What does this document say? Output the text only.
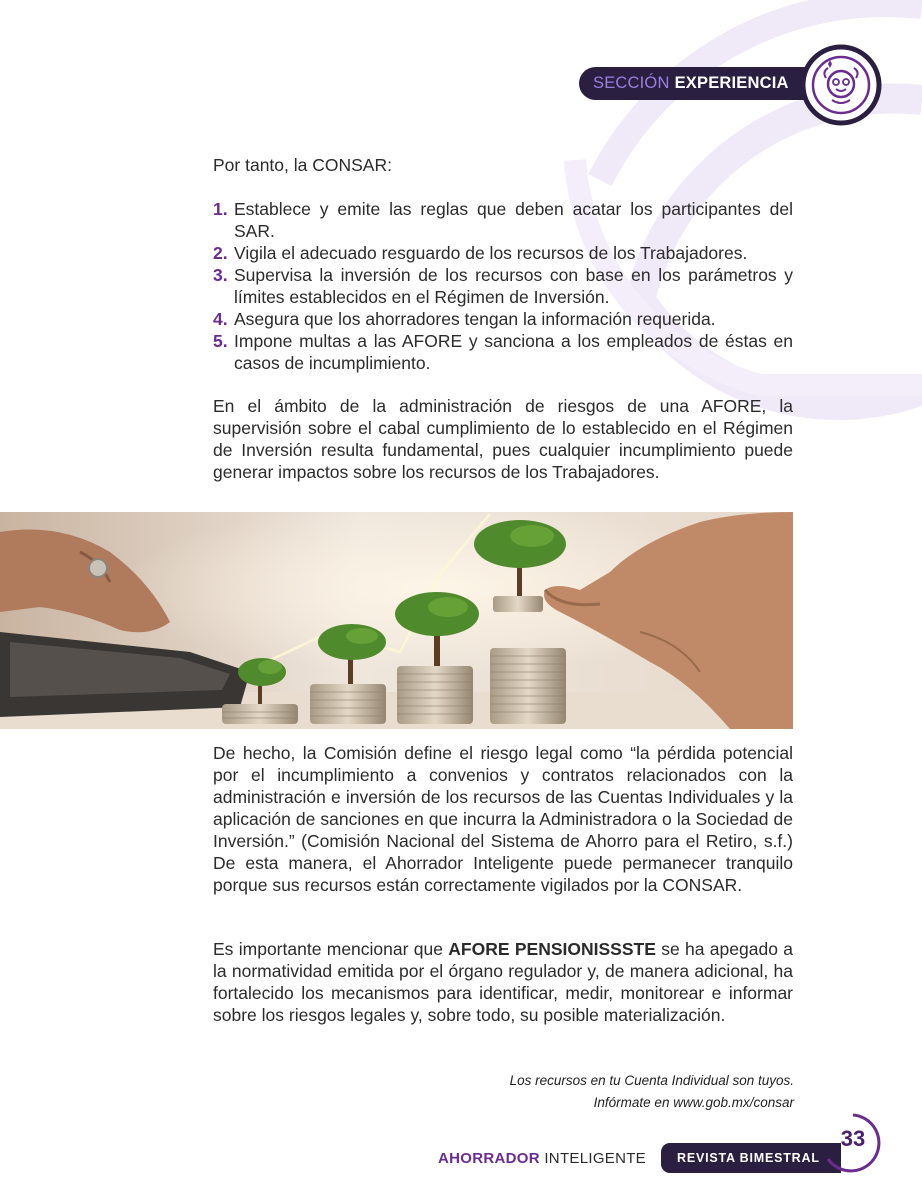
SECCIÓN EXPERIENCIA
Por tanto, la CONSAR:
1. Establece y emite las reglas que deben acatar los participantes del SAR.
2. Vigila el adecuado resguardo de los recursos de los Trabajadores.
3. Supervisa la inversión de los recursos con base en los parámetros y límites establecidos en el Régimen de Inversión.
4. Asegura que los ahorradores tengan la información requerida.
5. Impone multas a las AFORE y sanciona a los empleados de éstas en casos de incumplimiento.
En el ámbito de la administración de riesgos de una AFORE, la supervisión sobre el cabal cumplimiento de lo establecido en el Régimen de Inversión resulta fundamental, pues cualquier incumplimiento puede generar impactos sobre los recursos de los Trabajadores.
De hecho, la Comisión define el riesgo legal como “la pérdida potencial por el incumplimiento a convenios y contratos relacionados con la administración e inversión de los recursos de las Cuentas Individuales y la aplicación de sanciones en que incurra la Administradora o la Sociedad de Inversión.” (Comisión Nacional del Sistema de Ahorro para el Retiro, s.f.) De esta manera, el Ahorrador Inteligente puede permanecer tranquilo porque sus recursos están correctamente vigilados por la CONSAR.
Es importante mencionar que AFORE PENSIONISSSTE se ha apegado a la normatividad emitida por el órgano regulador y, de manera adicional, ha fortalecido los mecanismos para identificar, medir, monitorear e informar sobre los riesgos legales y, sobre todo, su posible materialización.
Los recursos en tu Cuenta Individual son tuyos.
Infórmate en www.gob.mx/consar
AHORRADOR INTELIGENTE	REVISTA BIMESTRAL
33
